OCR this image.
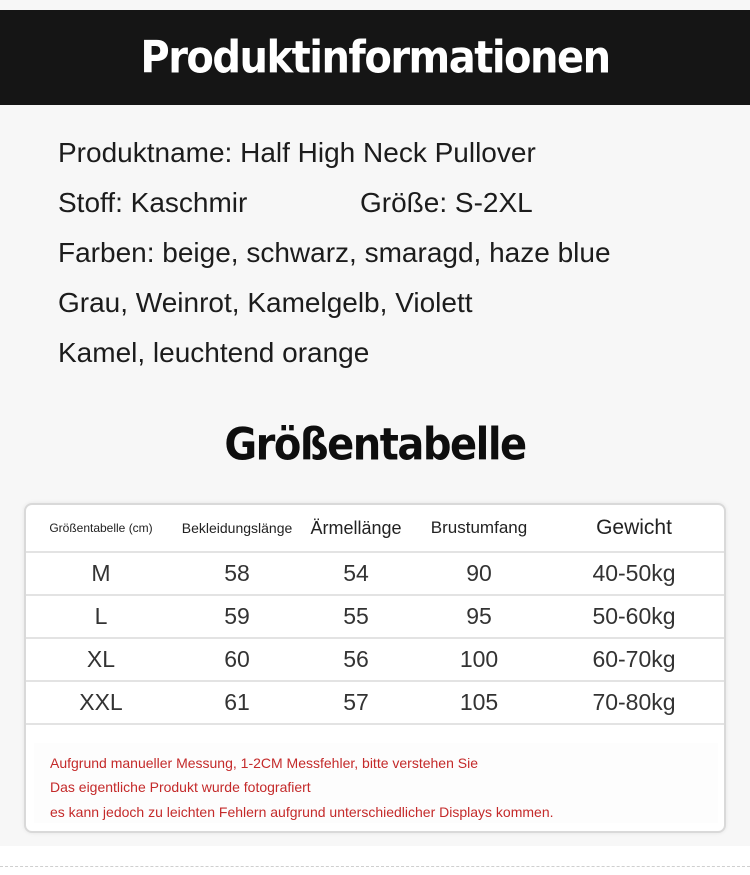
Produktinformationen
Produktname: Half High Neck Pullover
Stoff: Kaschmir	Größe: S-2XL
Farben: beige, schwarz, smaragd, haze blue
Grau, Weinrot, Kamelgelb, Violett
Kamel, leuchtend orange
Größentabelle
Größentabelle (cm)	Bekleidungslänge	Ärmellänge	Brustumfang	Gewicht
M	58	54	90	40-50kg
L	59	55	95	50-60kg
XL	60	56	100	60-70kg
XXL	61	57	105	70-80kg
Aufgrund manueller Messung, 1-2CM Messfehler, bitte verstehen Sie
Das eigentliche Produkt wurde fotografiert
es kann jedoch zu leichten Fehlern aufgrund unterschiedlicher Displays kommen.
